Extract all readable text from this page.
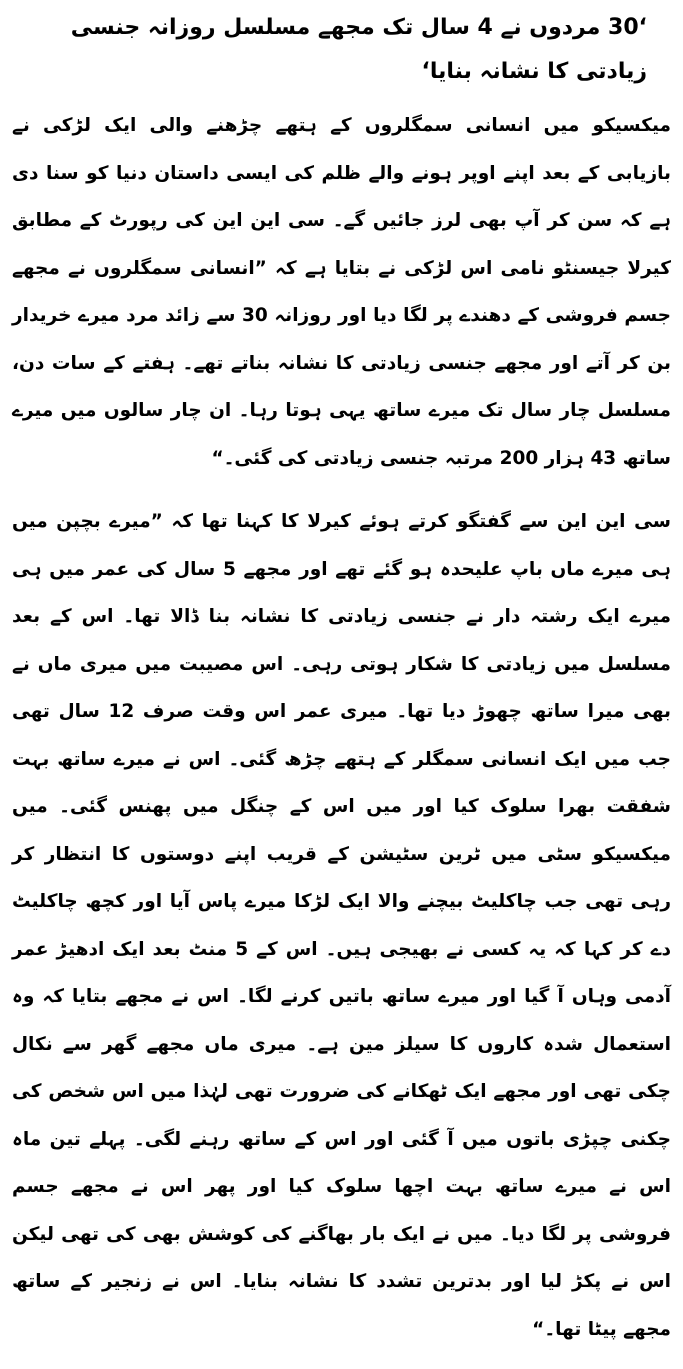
‘30 مردوں نے 4 سال تک مجھے مسلسل روزانہ جنسی زیادتی کا نشانہ بنایا‘

میکسیکو میں انسانی سمگلروں کے ہتھے چڑھنے والی ایک لڑکی نے بازیابی کے بعد اپنے اوپر ہونے والے ظلم کی ایسی داستان دنیا کو سنا دی ہے کہ سن کر آپ بھی لرز جائیں گے۔ سی این این کی رپورٹ کے مطابق کیرلا جیسنٹو نامی اس لڑکی نے بتایا ہے کہ ”انسانی سمگلروں نے مجھے جسم فروشی کے دھندے پر لگا دیا اور روزانہ 30 سے زائد مرد میرے خریدار بن کر آتے اور مجھے جنسی زیادتی کا نشانہ بناتے تھے۔ ہفتے کے سات دن، مسلسل چار سال تک میرے ساتھ یہی ہوتا رہا۔ ان چار سالوں میں میرے ساتھ 43 ہزار 200 مرتبہ جنسی زیادتی کی گئی۔“

سی این این سے گفتگو کرتے ہوئے کیرلا کا کہنا تھا کہ ”میرے بچپن میں ہی میرے ماں باپ علیحدہ ہو گئے تھے اور مجھے 5 سال کی عمر میں ہی میرے ایک رشتہ دار نے جنسی زیادتی کا نشانہ بنا ڈالا تھا۔ اس کے بعد مسلسل میں زیادتی کا شکار ہوتی رہی۔ اس مصیبت میں میری ماں نے بھی میرا ساتھ چھوڑ دیا تھا۔ میری عمر اس وقت صرف 12 سال تھی جب میں ایک انسانی سمگلر کے ہتھے چڑھ گئی۔ اس نے میرے ساتھ بہت شفقت بھرا سلوک کیا اور میں اس کے چنگل میں پھنس گئی۔ میں میکسیکو سٹی میں ٹرین سٹیشن کے قریب اپنے دوستوں کا انتظار کر رہی تھی جب چاکلیٹ بیچنے والا ایک لڑکا میرے پاس آیا اور کچھ چاکلیٹ دے کر کہا کہ یہ کسی نے بھیجی ہیں۔ اس کے 5 منٹ بعد ایک ادھیڑ عمر آدمی وہاں آ گیا اور میرے ساتھ باتیں کرنے لگا۔ اس نے مجھے بتایا کہ وہ استعمال شدہ کاروں کا سیلز مین ہے۔ میری ماں مجھے گھر سے نکال چکی تھی اور مجھے ایک ٹھکانے کی ضرورت تھی لہٰذا میں اس شخص کی چکنی چپڑی باتوں میں آ گئی اور اس کے ساتھ رہنے لگی۔ پہلے تین ماہ اس نے میرے ساتھ بہت اچھا سلوک کیا اور پھر اس نے مجھے جسم فروشی پر لگا دیا۔ میں نے ایک بار بھاگنے کی کوشش بھی کی تھی لیکن اس نے پکڑ لیا اور بدترین تشدد کا نشانہ بنایا۔ اس نے زنجیر کے ساتھ مجھے پیٹا تھا۔“
